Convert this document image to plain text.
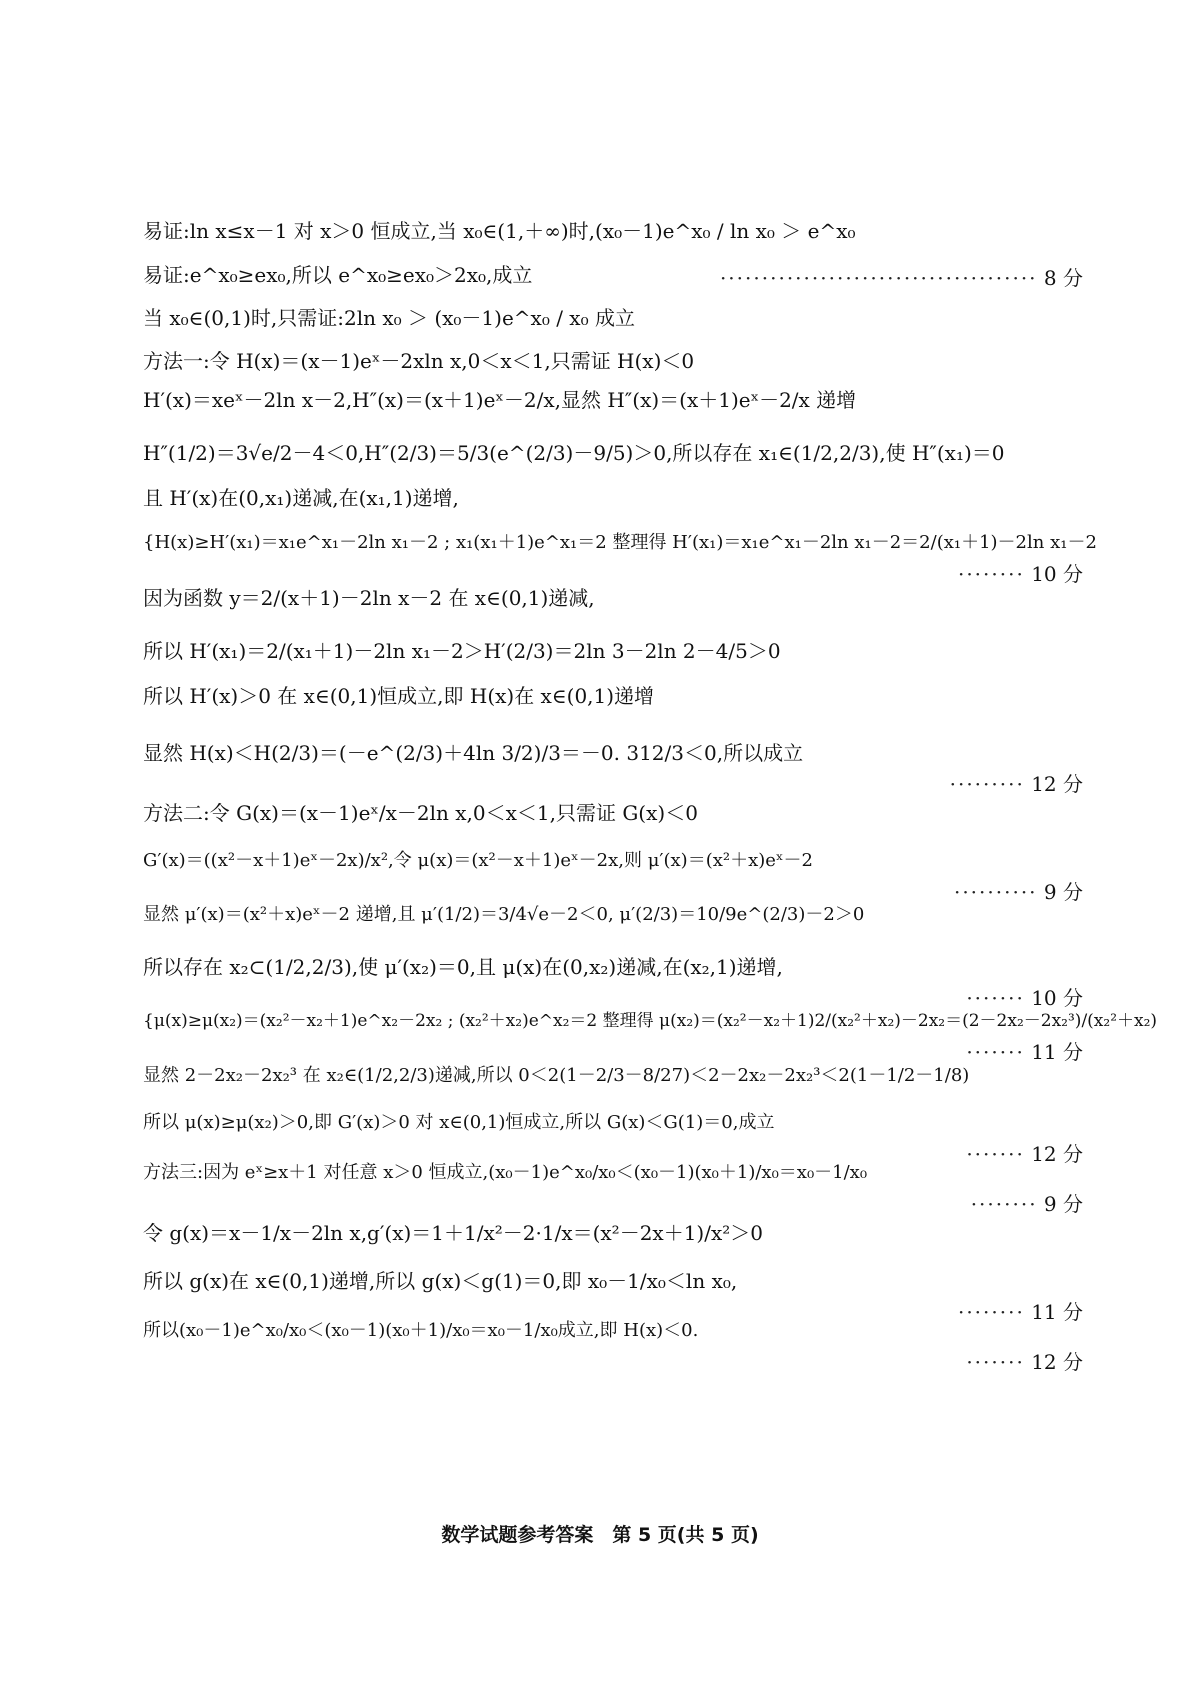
易证:ln x≤x－1 对 x＞0 恒成立,当 x₀∈(1,＋∞)时,(x₀－1)e^x₀ / ln x₀ ＞ e^x₀
易证:e^x₀≥ex₀,所以 e^x₀≥ex₀＞2x₀,成立	······································ 8 分
当 x₀∈(0,1)时,只需证:2ln x₀ ＞ (x₀－1)e^x₀ / x₀ 成立
方法一:令 H(x)＝(x－1)eˣ－2xln x,0＜x＜1,只需证 H(x)＜0
H′(x)＝xeˣ－2ln x－2,H″(x)＝(x＋1)eˣ－2/x,显然 H″(x)＝(x＋1)eˣ－2/x 递增
H″(1/2)＝3√e/2－4＜0,H″(2/3)＝5/3(e^(2/3)－9/5)＞0,所以存在 x₁∈(1/2,2/3),使 H″(x₁)＝0
且 H′(x)在(0,x₁)递减,在(x₁,1)递增,
{H(x)≥H′(x₁)＝x₁e^x₁－2ln x₁－2 ; x₁(x₁＋1)e^x₁＝2 整理得 H′(x₁)＝x₁e^x₁－2ln x₁－2＝2/(x₁＋1)－2ln x₁－2
········ 10 分
因为函数 y＝2/(x＋1)－2ln x－2 在 x∈(0,1)递减,
所以 H′(x₁)＝2/(x₁＋1)－2ln x₁－2＞H′(2/3)＝2ln 3－2ln 2－4/5＞0
所以 H′(x)＞0 在 x∈(0,1)恒成立,即 H(x)在 x∈(0,1)递增
显然 H(x)＜H(2/3)＝(－e^(2/3)＋4ln 3/2)/3＝－0. 312/3＜0,所以成立
········· 12 分
方法二:令 G(x)＝(x－1)eˣ/x－2ln x,0＜x＜1,只需证 G(x)＜0
G′(x)＝((x²－x＋1)eˣ－2x)/x²,令 μ(x)＝(x²－x＋1)eˣ－2x,则 μ′(x)＝(x²＋x)eˣ－2
·········· 9 分
显然 μ′(x)＝(x²＋x)eˣ－2 递增,且 μ′(1/2)＝3/4√e－2＜0, μ′(2/3)＝10/9e^(2/3)－2＞0
所以存在 x₂⊂(1/2,2/3),使 μ′(x₂)＝0,且 μ(x)在(0,x₂)递减,在(x₂,1)递增,
······· 10 分
{μ(x)≥μ(x₂)＝(x₂²－x₂＋1)e^x₂－2x₂ ; (x₂²＋x₂)e^x₂＝2 整理得 μ(x₂)＝(x₂²－x₂＋1)2/(x₂²＋x₂)－2x₂＝(2－2x₂－2x₂³)/(x₂²＋x₂)
······· 11 分
显然 2－2x₂－2x₂³ 在 x₂∈(1/2,2/3)递减,所以 0＜2(1－2/3－8/27)＜2－2x₂－2x₂³＜2(1－1/2－1/8)
所以 μ(x)≥μ(x₂)＞0,即 G′(x)＞0 对 x∈(0,1)恒成立,所以 G(x)＜G(1)＝0,成立
······· 12 分
方法三:因为 eˣ≥x＋1 对任意 x＞0 恒成立,(x₀－1)e^x₀/x₀＜(x₀－1)(x₀＋1)/x₀＝x₀－1/x₀
········ 9 分
令 g(x)＝x－1/x－2ln x,g′(x)＝1＋1/x²－2·1/x＝(x²－2x＋1)/x²＞0
所以 g(x)在 x∈(0,1)递增,所以 g(x)＜g(1)＝0,即 x₀－1/x₀＜ln x₀,
········ 11 分
所以(x₀－1)e^x₀/x₀＜(x₀－1)(x₀＋1)/x₀＝x₀－1/x₀成立,即 H(x)＜0.
······· 12 分
数学试题参考答案　第 5 页(共 5 页)
